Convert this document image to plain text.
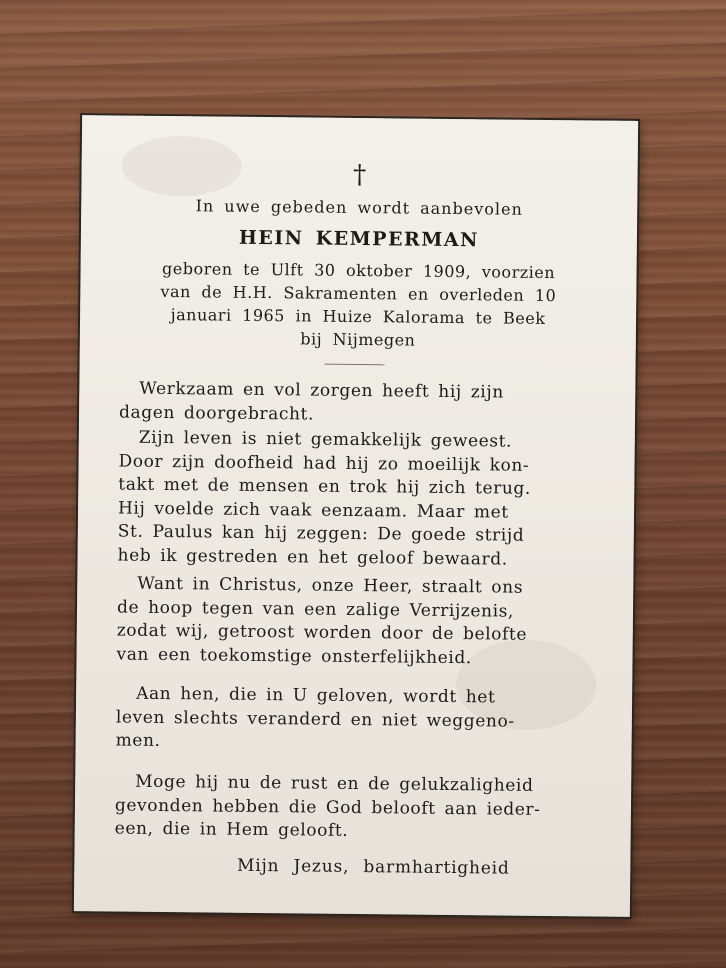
†
In uwe gebeden wordt aanbevolen
HEIN KEMPERMAN
geboren te Ulft 30 oktober 1909, voorzien
van de H.H. Sakramenten en overleden 10
januari 1965 in Huize Kalorama te Beek
bij Nijmegen
Werkzaam en vol zorgen heeft hij zijn
dagen doorgebracht.
Zijn leven is niet gemakkelijk geweest.
Door zijn doofheid had hij zo moeilijk kon-
takt met de mensen en trok hij zich terug.
Hij voelde zich vaak eenzaam. Maar met
St. Paulus kan hij zeggen: De goede strijd
heb ik gestreden en het geloof bewaard.
Want in Christus, onze Heer, straalt ons
de hoop tegen van een zalige Verrijzenis,
zodat wij, getroost worden door de belofte
van een toekomstige onsterfelijkheid.
Aan hen, die in U geloven, wordt het
leven slechts veranderd en niet weggeno-
men.
Moge hij nu de rust en de gelukzaligheid
gevonden hebben die God belooft aan ieder-
een, die in Hem gelooft.
Mijn Jezus, barmhartigheid
